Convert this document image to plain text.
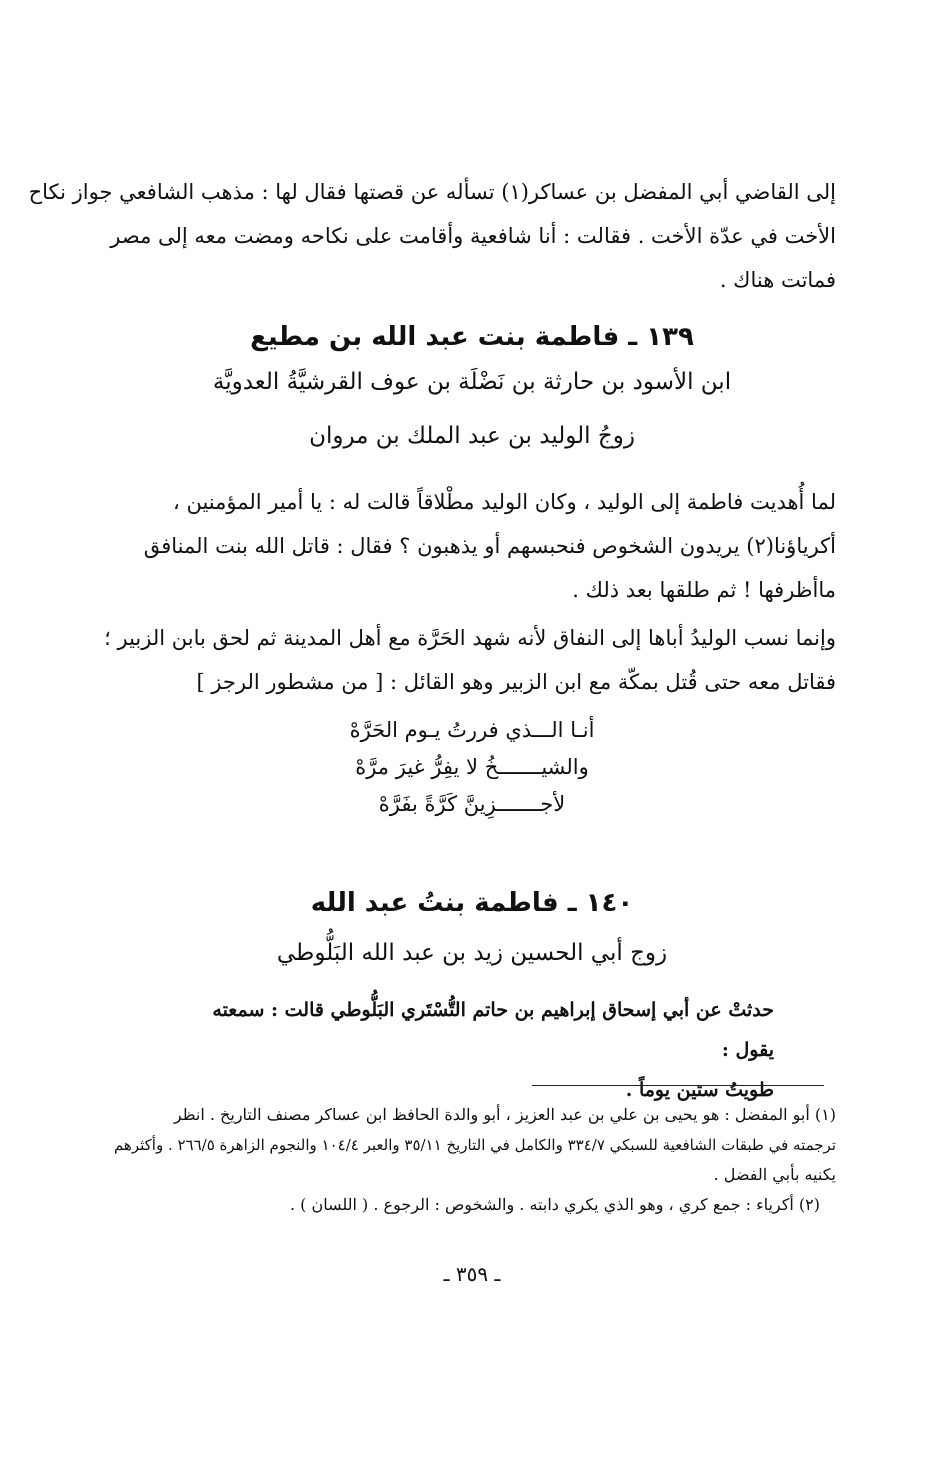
إلى القاضي أبي المفضل بن عساكر(١) تسأله عن قصتها فقال لها : مذهب الشافعي جواز نكاح
الأخت في عدّة الأخت . فقالت : أنا شافعية وأقامت على نكاحه ومضت معه إلى مصر
فماتت هناك .
١٣٩ ـ فاطمة بنت عبد الله بن مطيع
ابن الأسود بن حارثة بن نَضْلَة بن عوف القرشيَّةُ العدويَّة
زوجُ الوليد بن عبد الملك بن مروان
لما أُهديت فاطمة إلى الوليد ، وكان الوليد مطْلاقاً قالت له : يا أمير المؤمنين ،
أكرياؤنا(٢) يريدون الشخوص فنحبسهم أو يذهبون ؟ فقال : قاتل الله بنت المنافق
ماأظرفها ! ثم طلقها بعد ذلك .
وإنما نسب الوليدُ أباها إلى النفاق لأنه شهد الحَرَّة مع أهل المدينة ثم لحق بابن الزبير ؛
فقاتل معه حتى قُتل بمكّة مع ابن الزبير وهو القائل : [ من مشطور الرجز ]
أنـا الـــذي فررتُ يـوم الحَرَّهْ
والشيـــــــخُ لا يفِرُّ غيرَ مرَّهْ
لأجـــــــزِينَّ كَرَّةً بفَرَّهْ
١٤٠ ـ فاطمة بنتُ عبد الله
زوج أبي الحسين زيد بن عبد الله البَلُّوطي
حدثتْ عن أبي إسحاق إبراهيم بن حاتم التُّسْتَري البَلُّوطي قالت : سمعته يقول :
طويتُ ستين يوماً .
(١) أبو المفضل : هو يحيى بن علي بن عبد العزيز ، أبو والدة الحافظ ابن عساكر مصنف التاريخ . انظر
ترجمته في طبقات الشافعية للسبكي ٣٣٤/٧ والكامل في التاريخ ٣٥/١١ والعبر ١٠٤/٤ والنجوم الزاهرة ٢٦٦/٥ . وأكثرهم
يكنيه بأبي الفضل .
(٢) أكرياء : جمع كري ، وهو الذي يكري دابته . والشخوص : الرجوع . ( اللسان ) .
ـ ٣٥٩ ـ
